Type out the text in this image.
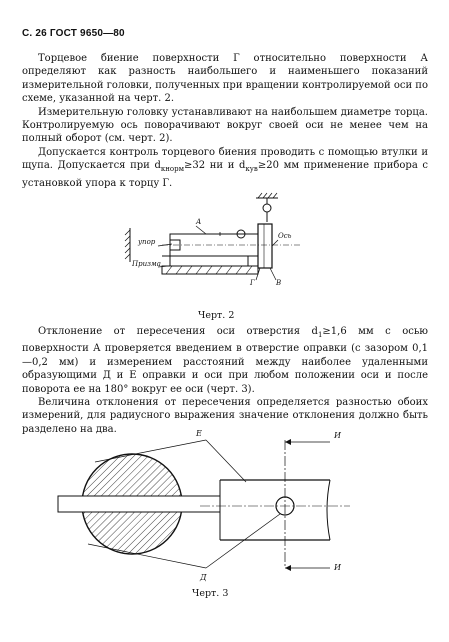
С. 26 ГОСТ 9650—80

Торцевое биение поверхности Г относительно поверхности А определяют как разность наибольшего и наименьшего показаний измерительной головки, полученных при вращении контролируемой оси по схеме, указанной на черт. 2.

Измерительную головку устанавливают на наибольшем диаметре торца. Контролируемую ось поворачивают вокруг своей оси не менее чем на полный оборот (см. черт. 2).

Допускается контроль торцевого биения проводить с помощью втулки и щупа. Допускается при $d_{кнорм}\ge 32$ ни и $d_{кув}\ge 20$ мм применение прибора с установкой упора к торцу Г.

А
упор
Призма
Ось
Г	В
Черт. 2

Отклонение от пересечения оси отверстия $d_1\ge 1,6$ мм с осью поверхности А проверяется введением в отверстие оправки (с зазором 0,1—0,2 мм) и измерением расстояний между наиболее удаленными образующими Д и Е оправки и оси при любом положении оси и после поворота ее на 180° вокруг ее оси (черт. 3).

Величина отклонения от пересечения определяется разностью обоих измерений, для радиусного выражения значение отклонения должно быть разделено на два.	Е
Д
И
И
Черт. 3
